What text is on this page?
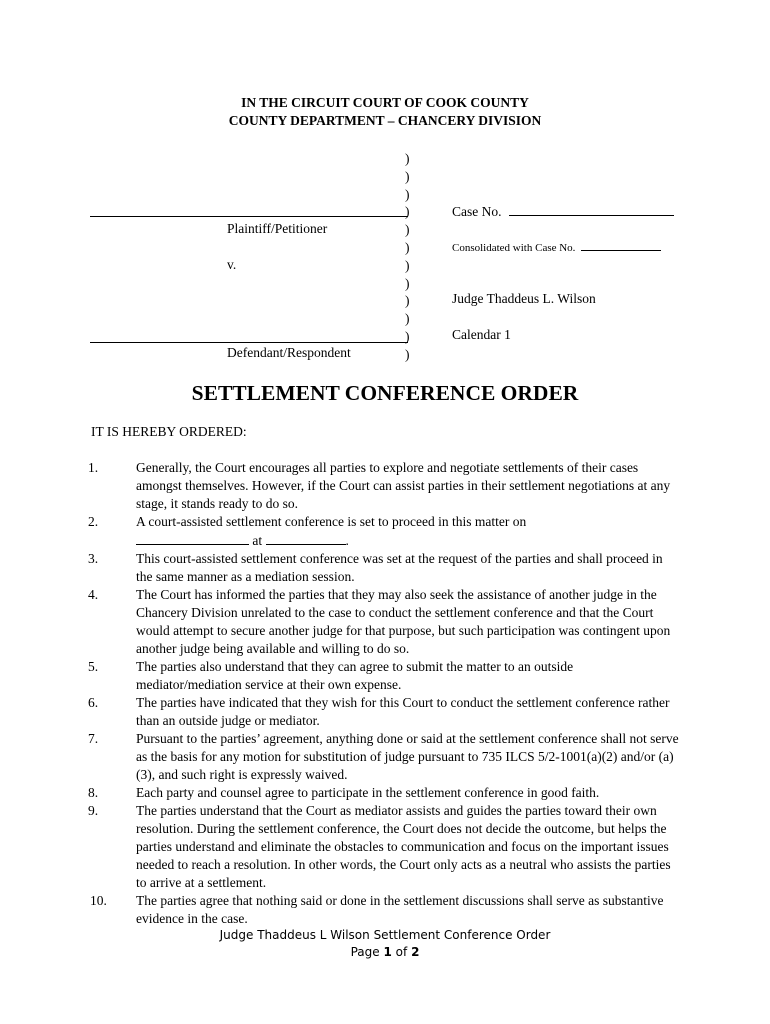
IN THE CIRCUIT COURT OF COOK COUNTY
COUNTY DEPARTMENT – CHANCERY DIVISION
)
)
)
)
)
)
)
)
)
)
)
)
Plaintiff/Petitioner
v.
Defendant/Respondent
Case No.
Consolidated with Case No.
Judge Thaddeus L. Wilson
Calendar 1
SETTLEMENT CONFERENCE ORDER
IT IS HEREBY ORDERED:
1.	Generally, the Court encourages all parties to explore and negotiate settlements of their cases amongst themselves. However, if the Court can assist parties in their settlement negotiations at any stage, it stands ready to do so.
2.	A court-assisted settlement conference is set to proceed in this matter on
at	.
3.	This court-assisted settlement conference was set at the request of the parties and shall proceed in the same manner as a mediation session.
4.	The Court has informed the parties that they may also seek the assistance of another judge in the Chancery Division unrelated to the case to conduct the settlement conference and that the Court would attempt to secure another judge for that purpose, but such participation was contingent upon another judge being available and willing to do so.
5.	The parties also understand that they can agree to submit the matter to an outside mediator/mediation service at their own expense.
6.	The parties have indicated that they wish for this Court to conduct the settlement conference rather than an outside judge or mediator.
7.	Pursuant to the parties’ agreement, anything done or said at the settlement conference shall not serve as the basis for any motion for substitution of judge pursuant to 735 ILCS 5/2-1001(a)(2) and/or (a)(3), and such right is expressly waived.
8.	Each party and counsel agree to participate in the settlement conference in good faith.
9.	The parties understand that the Court as mediator assists and guides the parties toward their own resolution. During the settlement conference, the Court does not decide the outcome, but helps the parties understand and eliminate the obstacles to communication and focus on the important issues needed to reach a resolution. In other words, the Court only acts as a neutral who assists the parties to arrive at a settlement.
10.	The parties agree that nothing said or done in the settlement discussions shall serve as substantive evidence in the case.
Judge Thaddeus L Wilson Settlement Conference Order
Page 1 of 2
